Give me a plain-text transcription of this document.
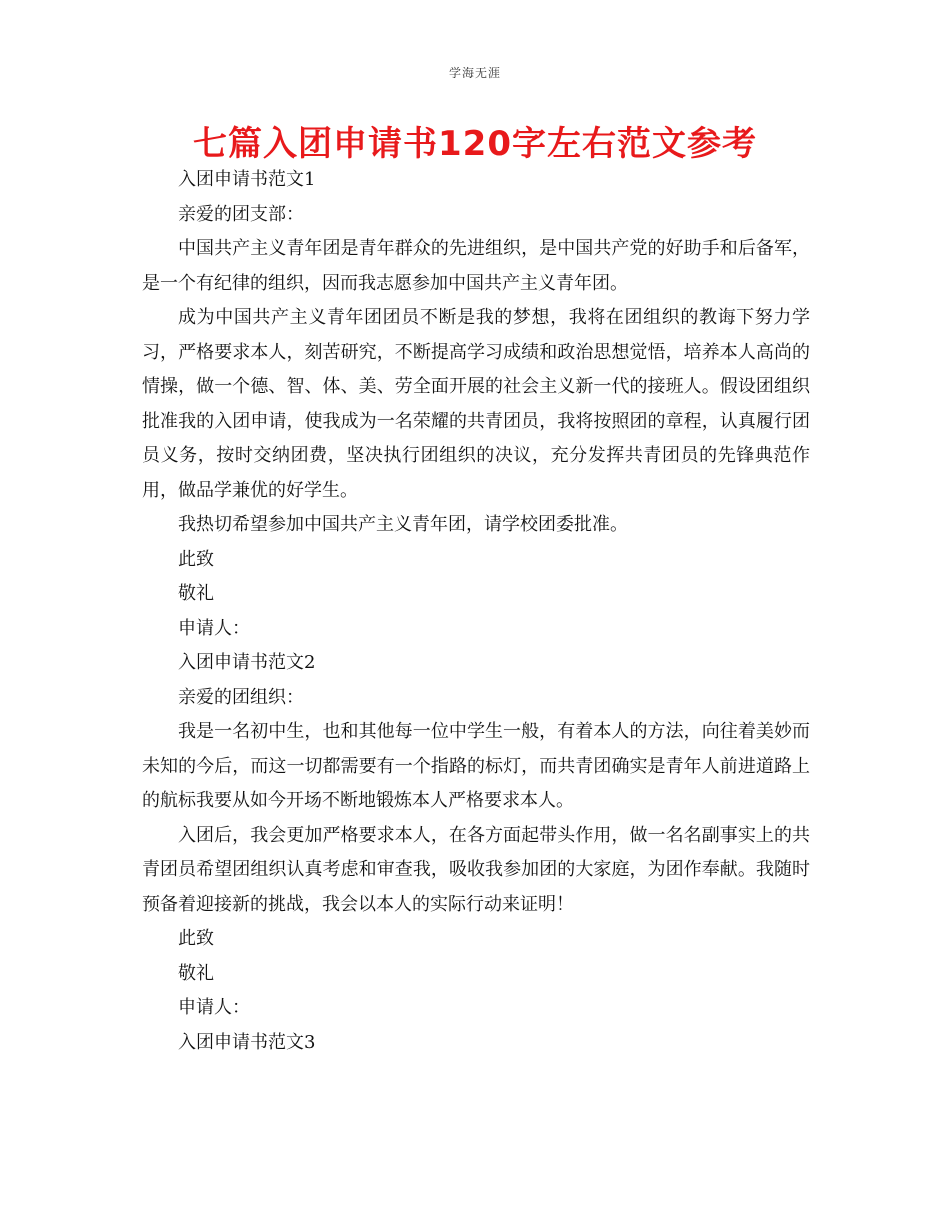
学海无涯
七篇入团申请书120字左右范文参考
入团申请书范文1
亲爱的团支部：

中国共产主义青年团是青年群众的先进组织，是中国共产党的好助手和后备军，是一个有纪律的组织，因而我志愿参加中国共产主义青年团。

成为中国共产主义青年团团员不断是我的梦想，我将在团组织的教诲下努力学习，严格要求本人，刻苦研究，不断提高学习成绩和政治思想觉悟，培养本人高尚的情操，做一个德、智、体、美、劳全面开展的社会主义新一代的接班人。假设团组织批准我的入团申请，使我成为一名荣耀的共青团员，我将按照团的章程，认真履行团员义务，按时交纳团费，坚决执行团组织的决议，充分发挥共青团员的先锋典范作用，做品学兼优的好学生。

我热切希望参加中国共产主义青年团，请学校团委批准。

此致
敬礼
申请人：
入团申请书范文2
亲爱的团组织：

我是一名初中生，也和其他每一位中学生一般，有着本人的方法，向往着美妙而未知的今后，而这一切都需要有一个指路的标灯，而共青团确实是青年人前进道路上的航标我要从如今开场不断地锻炼本人严格要求本人。

入团后，我会更加严格要求本人，在各方面起带头作用，做一名名副事实上的共青团员希望团组织认真考虑和审查我，吸收我参加团的大家庭，为团作奉献。我随时预备着迎接新的挑战，我会以本人的实际行动来证明！

此致
敬礼
申请人：
入团申请书范文3
